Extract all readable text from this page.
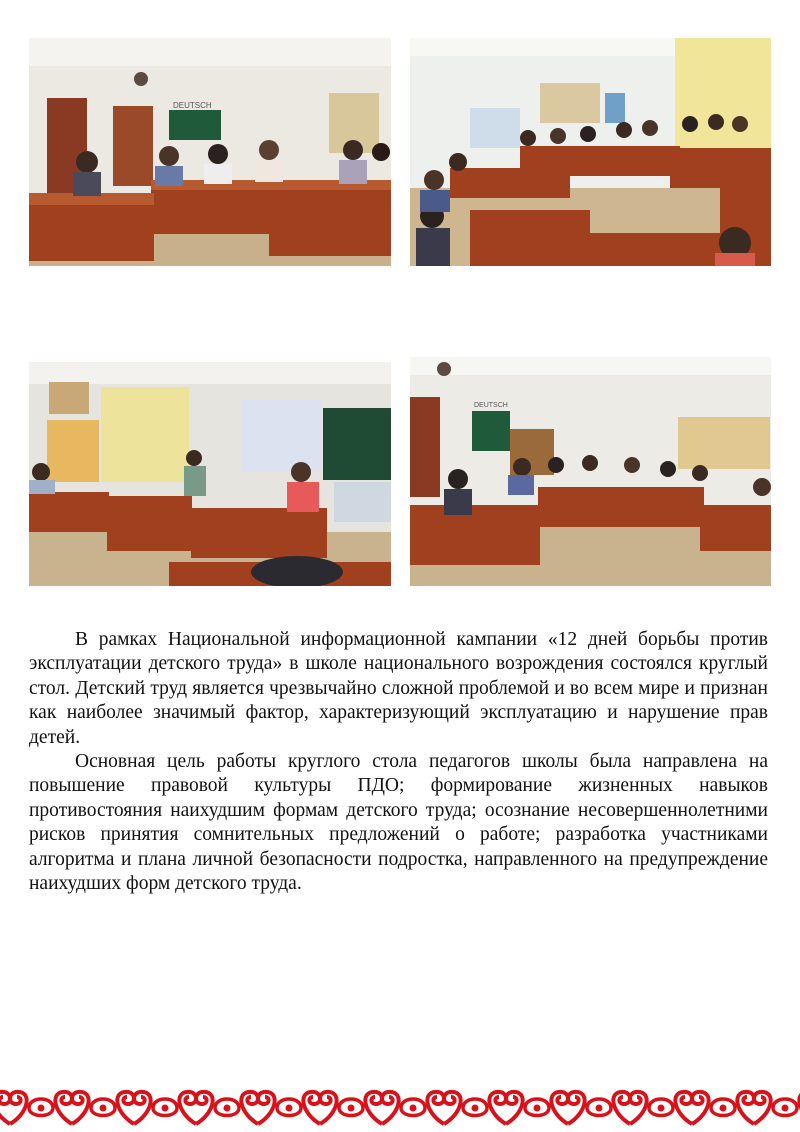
DEUTSCH
DEUTSCH

В рамках Национальной информационной кампании «12 дней борьбы против эксплуатации детского труда» в школе национального возрождения состоялся круглый стол. Детский труд является чрезвычайно сложной проблемой и во всем мире и признан как наиболее значимый фактор, характеризующий эксплуатацию и нарушение прав детей.

Основная цель работы круглого стола педагогов школы была направлена на повышение правовой культуры ПДО; формирование жизненных навыков противостояния наихудшим формам детского труда; осознание несовершеннолетними рисков принятия сомнительных предложений о работе; разработка участниками алгоритма и плана личной безопасности подростка, направленного на предупреждение наихудших форм детского труда.
